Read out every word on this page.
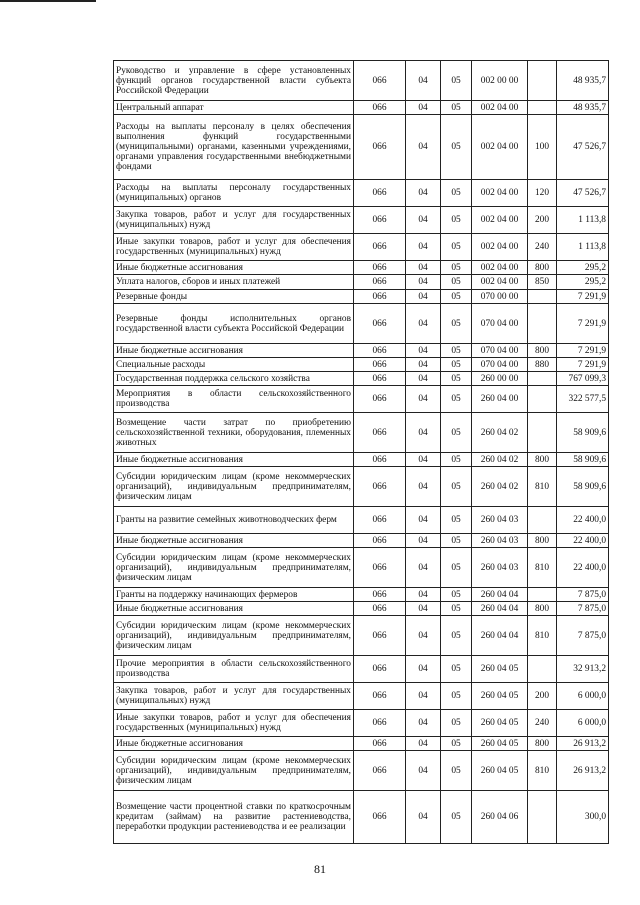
Руководство и управление в сфере установленных функций органов государственной власти субъекта Российской Федерации	066	04	05	002 00 00		48 935,7
Центральный аппарат	066	04	05	002 04 00		48 935,7
Расходы на выплаты персоналу в целях обеспечения выполнения функций государственными (муниципальными) органами, казенными учреждениями, органами управления государственными внебюджетными фондами	066	04	05	002 04 00	100	47 526,7
Расходы на выплаты персоналу государственных (муниципальных) органов	066	04	05	002 04 00	120	47 526,7
Закупка товаров, работ и услуг для государственных (муниципальных) нужд	066	04	05	002 04 00	200	1 113,8
Иные закупки товаров, работ и услуг для обеспечения государственных (муниципальных) нужд	066	04	05	002 04 00	240	1 113,8
Иные бюджетные ассигнования	066	04	05	002 04 00	800	295,2
Уплата налогов, сборов и иных платежей	066	04	05	002 04 00	850	295,2
Резервные фонды	066	04	05	070 00 00		7 291,9
Резервные фонды исполнительных органов государственной власти субъекта Российской Федерации	066	04	05	070 04 00		7 291,9
Иные бюджетные ассигнования	066	04	05	070 04 00	800	7 291,9
Специальные расходы	066	04	05	070 04 00	880	7 291,9
Государственная поддержка сельского хозяйства	066	04	05	260 00 00		767 099,3
Мероприятия в области сельскохозяйственного производства	066	04	05	260 04 00		322 577,5
Возмещение части затрат по приобретению сельскохозяйственной техники, оборудования, племенных животных	066	04	05	260 04 02		58 909,6
Иные бюджетные ассигнования	066	04	05	260 04 02	800	58 909,6
Субсидии юридическим лицам (кроме некоммерческих организаций), индивидуальным предпринимателям, физическим лицам	066	04	05	260 04 02	810	58 909,6
Гранты на развитие семейных животноводческих ферм	066	04	05	260 04 03		22 400,0
Иные бюджетные ассигнования	066	04	05	260 04 03	800	22 400,0
Субсидии юридическим лицам (кроме некоммерческих организаций), индивидуальным предпринимателям, физическим лицам	066	04	05	260 04 03	810	22 400,0
Гранты на поддержку начинающих фермеров	066	04	05	260 04 04		7 875,0
Иные бюджетные ассигнования	066	04	05	260 04 04	800	7 875,0
Субсидии юридическим лицам (кроме некоммерческих организаций), индивидуальным предпринимателям, физическим лицам	066	04	05	260 04 04	810	7 875,0
Прочие мероприятия в области сельскохозяйственного производства	066	04	05	260 04 05		32 913,2
Закупка товаров, работ и услуг для государственных (муниципальных) нужд	066	04	05	260 04 05	200	6 000,0
Иные закупки товаров, работ и услуг для обеспечения государственных (муниципальных) нужд	066	04	05	260 04 05	240	6 000,0
Иные бюджетные ассигнования	066	04	05	260 04 05	800	26 913,2
Субсидии юридическим лицам (кроме некоммерческих организаций), индивидуальным предпринимателям, физическим лицам	066	04	05	260 04 05	810	26 913,2
Возмещение части процентной ставки по краткосрочным кредитам (займам) на развитие растениеводства, переработки продукции растениеводства и ее реализации	066	04	05	260 04 06		300,0
81
